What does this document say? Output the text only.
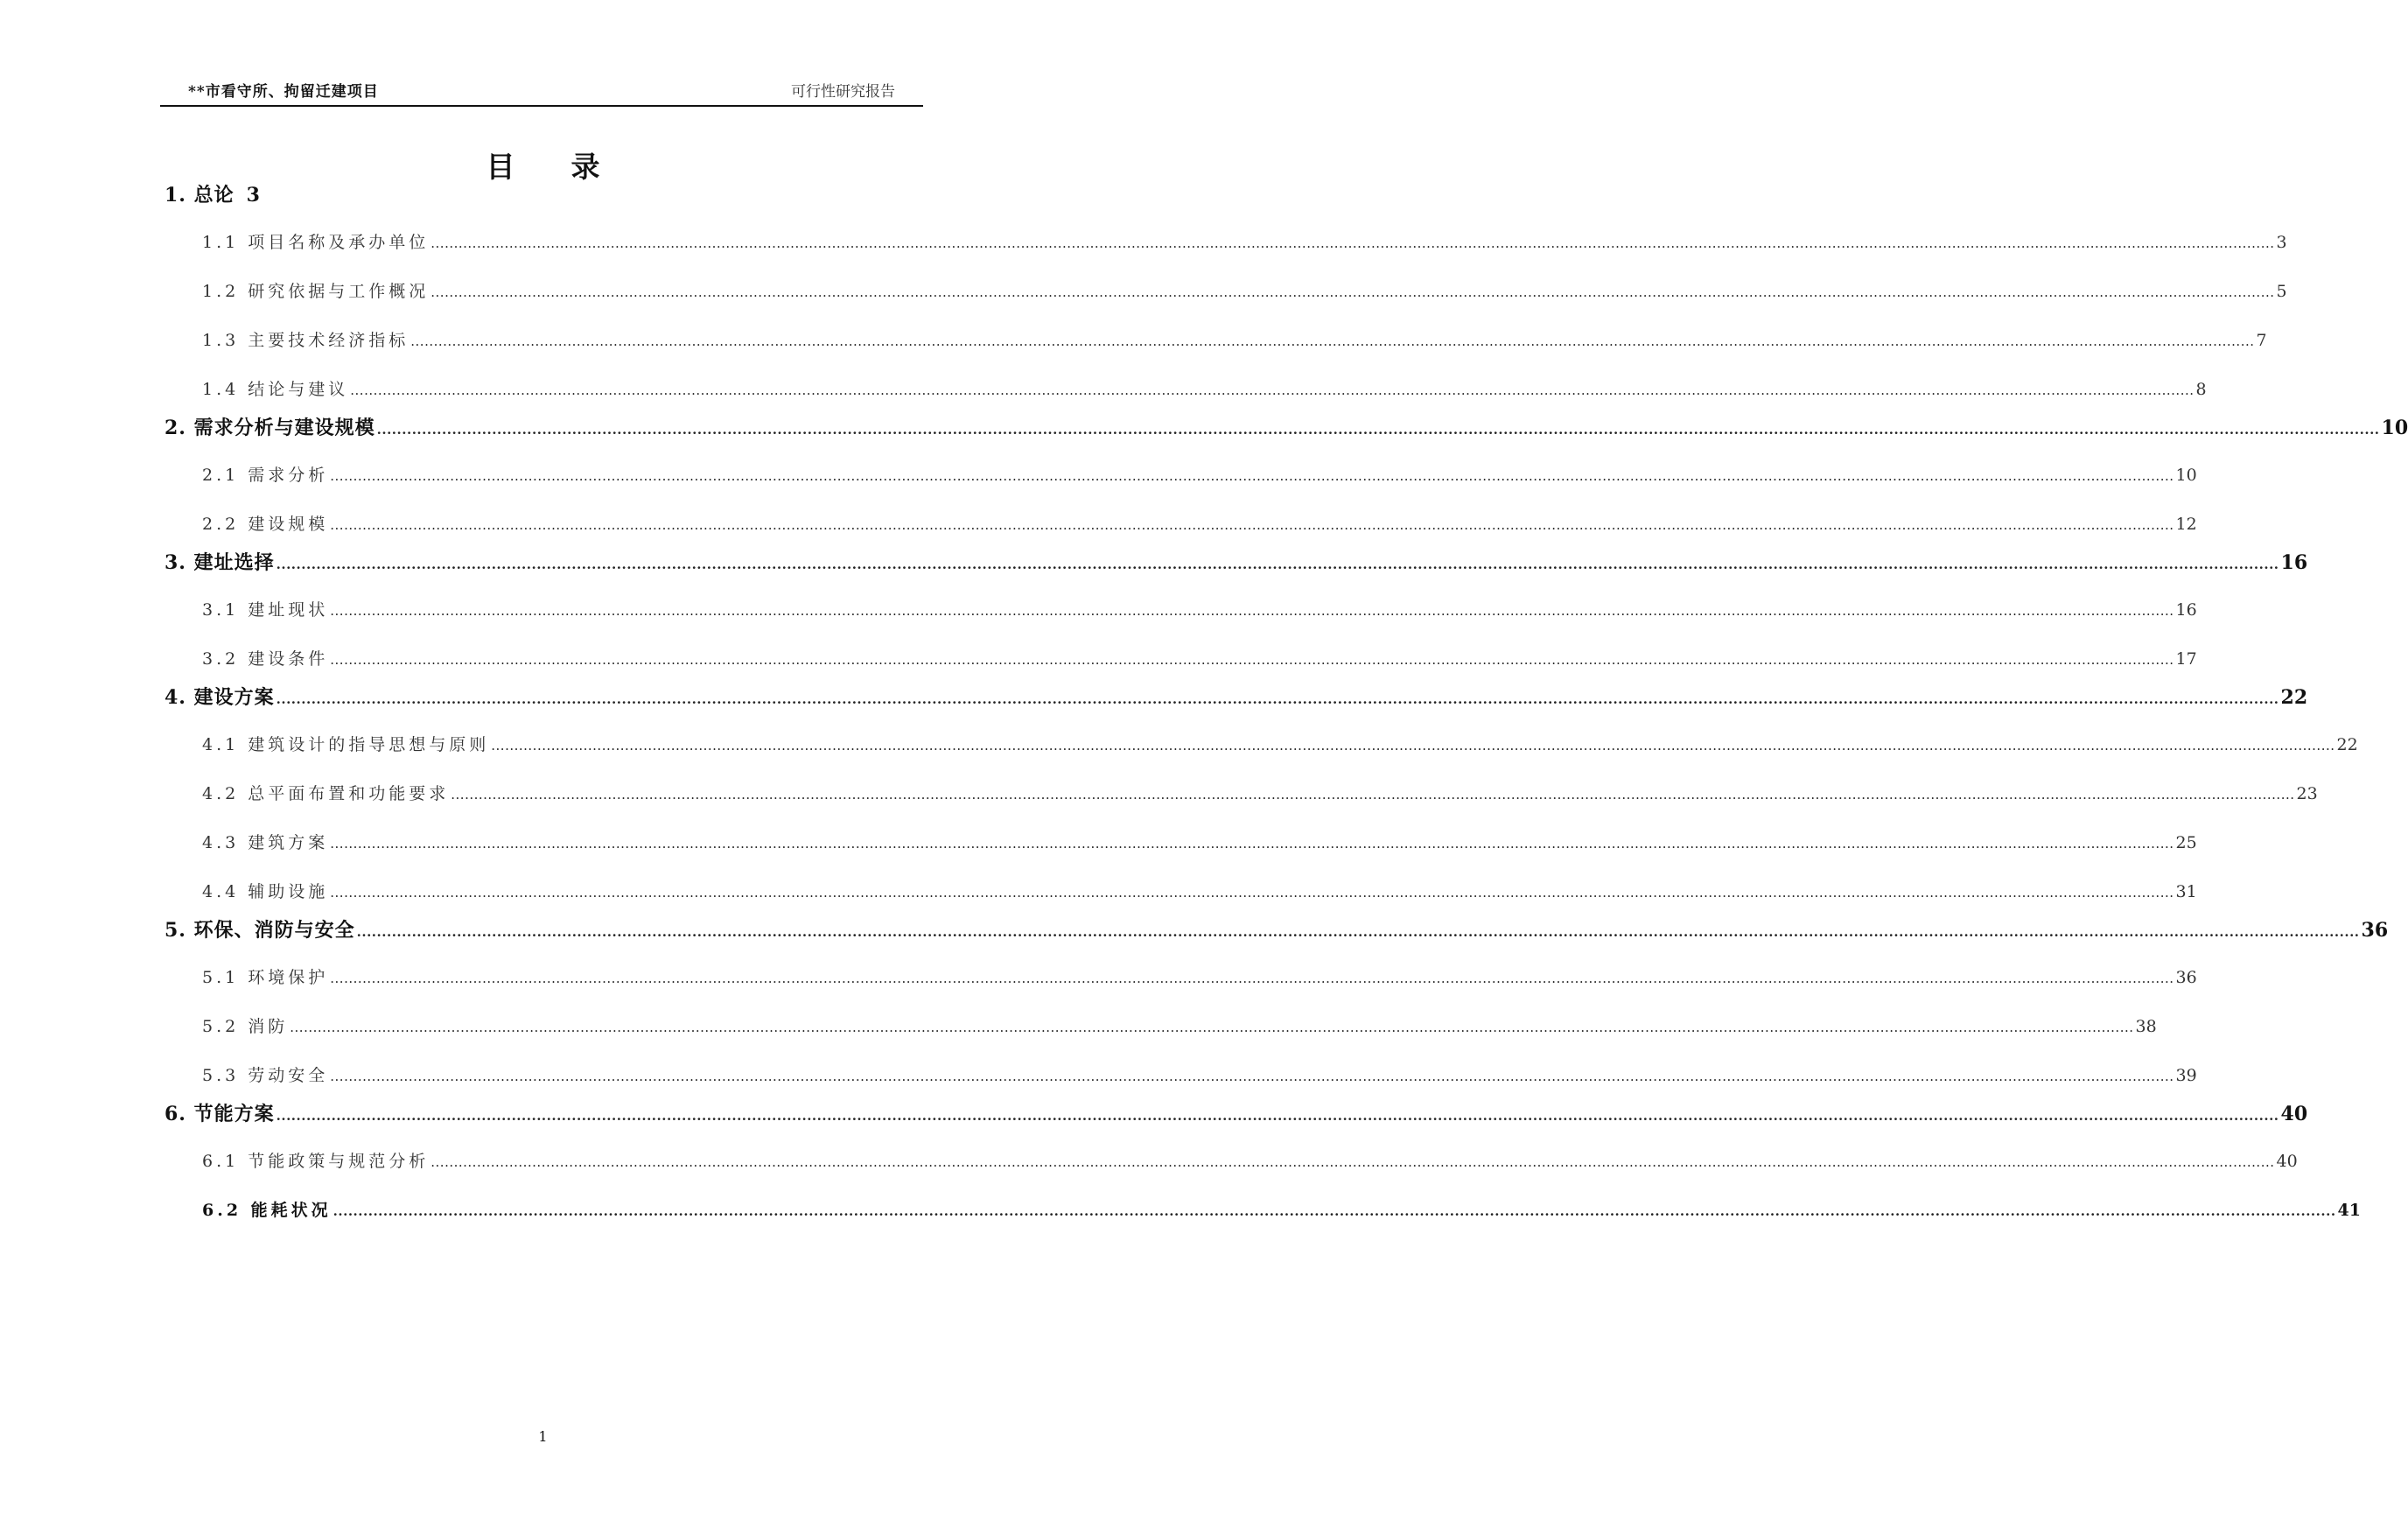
**市看守所、拘留迁建项目	可行性研究报告
目录
1. 总论 3
1.1 项目名称及承办单位 ................................................................................................................................................................................................................................................................................................................................................................................................................ 3
1.2 研究依据与工作概况 ................................................................................................................................................................................................................................................................................................................................................................................................................ 5
1.3 主要技术经济指标 ................................................................................................................................................................................................................................................................................................................................................................................................................ 7
1.4 结论与建议 ................................................................................................................................................................................................................................................................................................................................................................................................................ 8
2. 需求分析与建设规模 ................................................................................................................................................................................................................................................................................................................................................................................................................ 10
2.1 需求分析 ................................................................................................................................................................................................................................................................................................................................................................................................................ 10
2.2 建设规模 ................................................................................................................................................................................................................................................................................................................................................................................................................ 12
3. 建址选择 ................................................................................................................................................................................................................................................................................................................................................................................................................ 16
3.1 建址现状 ................................................................................................................................................................................................................................................................................................................................................................................................................ 16
3.2 建设条件 ................................................................................................................................................................................................................................................................................................................................................................................................................ 17
4. 建设方案 ................................................................................................................................................................................................................................................................................................................................................................................................................ 22
4.1 建筑设计的指导思想与原则 ................................................................................................................................................................................................................................................................................................................................................................................................................ 22
4.2 总平面布置和功能要求 ................................................................................................................................................................................................................................................................................................................................................................................................................ 23
4.3 建筑方案 ................................................................................................................................................................................................................................................................................................................................................................................................................ 25
4.4 辅助设施 ................................................................................................................................................................................................................................................................................................................................................................................................................ 31
5. 环保、消防与安全 ................................................................................................................................................................................................................................................................................................................................................................................................................ 36
5.1 环境保护 ................................................................................................................................................................................................................................................................................................................................................................................................................ 36
5.2 消防 ................................................................................................................................................................................................................................................................................................................................................................................................................ 38
5.3 劳动安全 ................................................................................................................................................................................................................................................................................................................................................................................................................ 39
6. 节能方案 ................................................................................................................................................................................................................................................................................................................................................................................................................ 40
6.1 节能政策与规范分析 ................................................................................................................................................................................................................................................................................................................................................................................................................ 40
6.2 能耗状况 ................................................................................................................................................................................................................................................................................................................................................................................................................ 41
1
